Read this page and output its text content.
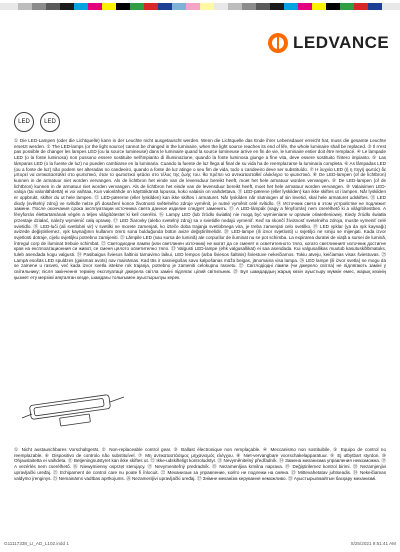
LEDVANCE
LED LED
① Die LED-Lampen (oder die Lichtquelle) kann in der Leuchte nicht ausgetauscht werden. Wenn die Lichtquelle das Ende ihrer Lebensdauer erreicht hat, muss die gesamte Leuchte ersetzt werden. ② The LED-lamps (or the light source) cannot be changed in the luminaire, when the light source reaches its end of life, the whole luminaire shall be replaced. ③ Il n'est pas possible de changer les lampes LED (ou la source lumineuse) dans le luminaire quand la source lumineuse arrive en fin de vie, le luminaire entier doit être remplacé. ④ Le lampade LED (o la fonte luminosa) non possono essere sostituite nell'impianto di illuminazione, quando la fonte luminosa giunge a fine vita, deve essere sostituito l'intero impianto. ⑤ Las lámparas LED (o la fuente de luz) no pueden cambiarse en la luminaria. Cuando la fuente de luz llega al final de su vida ha de reemplazarse la luminaria completa. ⑥ As lâmpadas LED (ou a fonte de luz) não podem ser alteradas no candeeiro, quando a fonte de luz atinge o seu fim de vida, todo o candeeiro deve ser substituído. ⑦ Η λυχνία LED (ή η πηγή φωτός) δε μπορεί να αντικατασταθεί στο φωτιστικό, όταν το φωτιστικό φτάσει στο τέλος της ζωής του. θα πρέπει να αντικατασταθεί ολόκληρο το φωτιστικό. ⑧ De LED-lampen (of de lichtbron) kunnen in de armatuur niet worden vervangen. Als de lichtbron het einde van de levensduur bereikt heeft, moet het hele armatuur worden vervangen. ⑨ De LED-lampen (of de lichtbron) kunnen in de armatuur niet worden vervangen. Als de lichtbron het einde van de levensduur bereikt heeft, moet het hele armatuur worden vervangen. ⑩ Valaisimen LED-valoja (tai valonlähdettä) ei voi vaihtaa. Kun valonlähde on käyttöikänsä lopussa, koko valaisin on vaihdettava. ⑪ LED-pærene (eller lyskilden) kan ikke skiftes ut i lampen. Når lyskilden er oppbrukt, skifter du ut hele lampen. ⑫ LED-pærerne (eller lyskilden) kan ikke skiftes i armaturet. Når lyskilden når slutningen af sin levetid, skal hele armaturet udskiftes. ⑬ LED diody (světelný zdroj) ve svítidle nelze při dosažení konce životnosti světelného zdroje vyměnit, je nutné vyměnit celé svítidlo. ⑭ Источник света в этом устройстве не подлежит замене. После окончания срока эксплуатации источника света данное изделие следует заменить. ⑮ A LED-lámpák (vagy a fényforrás) nem cserélhető ki a világítótestben. A fényforrás élettartamának végén a teljes világítótestet ki kell cserélni. ⑯ Lampy LED (lub źródło światła) nie mogą być wymieniane w oprawie oświetleniowej. Kiedy źródło światła przestaje działać, należy wymienić całą oprawę. ⑰ LED žiarovky (alebo svetelný zdroj) sa v svietidle nedajú vymeniť. Keď sa skončí životnosť svetelného zdroja, musíte vymeniť celé svietidlo. ⑱ LED-luči (ali svetlobni vir) v svetilki ne morete zamenjati, ko izteče doba trajanja svetlobnega vira, je treba zamenjati celo svetilko. ⑲ LED ışıklar (ya da ışık kaynağı) avizede değiştirilemez, ışık kaynağının kullanım ömrü sona bulduğunda bütün avize değiştirilmelidir. ⑳ LED-lampe (ili izvor svjetlosti) u svjetiljci ne smiju se mijenjati. Kada izvor svjetlosti dotraje, cijelu svjetiljku potrebno zamijeniti. ㉑ Lămpile LED (sau sursa de lumină) ale corpurilor de iluminat nu se pot schimba. La expirarea duratei de viață a sursei de lumină, întregul corp de iluminat trebuie schimbat. ㉒ Светодиодни лампи (или светлинен източник) не могат да се сменят в осветителното тяло, когато светлинният източник достигне края на експлоатационния си живот, се сменя цялото осветително тяло. ㉓ Valgusti LED-lampe (ehk valgusallikat) ei saa asendada. Kui valgusallikas muutub kasutuskõlbmatuks, tuleb asendada kogu valgusti. ㉔ Pasibaigus šviesos šaltinio tarnavimo laikui, LED lempos (arba šviesos šaltinis) šviestuve nekeičiamos. Tokiu atveju, keičiamas visas šviestuvas. ㉕ Lampā esošās LED spuldzes (gaismas avots) nav maināmas. Kad tās ir sasniegušas savu kalpošanas mūža beigas, jānomaina visa lampa. ㉖ LED lampe (ili izvor svetla) ne mogu da se zamene u rasveti, već kada izvor svetla istekne rok trajanja, potrebno je zameniti celokupnu rasvetu. ㉗ Світлодіодні лампи (чи джерело світла) не підлягають заміні у світильнику; після закінчення терміну експлуатації джерела світла заміні підлягає цілий світильник. ㉘ Бұл шамдардың жарық көзін ауыстыру мүмкін емес, жарық көзінің қызмет ету мерзімі аяқталған кезде, шамдағы толығымен ауыстырылуы керек.
① Nicht austauschbares Vorschaltgerät. ② Non-replaceable control gear. ③ Ballast électronique non remplaçable. ④ Meccanismo non sostituibile. ⑤ Equipo de control no reemplazable. ⑥ Dispositivo de controlo não substituível. ⑦ Μη αντικαταστάσιμος μηχανισμός ελέγχου. ⑧ Niet-vervangbare voorschakelapparatuur. ⑨ Ej utbytbart styrdon. ⑩ Ohjauslaitetta ei vaihdeta. ⑪ Betjeningsutstyret kan ikke skiftes ut. ⑫ Ikke-udskifteligt kontroludstyr. ⑬ Nevyměnitelný předřadník. ⑭ Замена механизма управления невозможна. ⑮ A vezérlés nem cserélhető. ⑯ Niewymienny osprzęt sterujący. ⑰ Nevymeniteľný predradník. ⑱ Nezamenljiva krmilna naprava. ⑲ Değiştirilemez kontrol birimi. ⑳ Nezamjenjivi upravljački uređaj. ㉑ Echipament de control care nu poate fi înlocuit. ㉒ Механизъм за управление, който не подлежи на смяна. ㉓ Mittevahetatav juhtseadis. ㉔ Nekeičiamas valdymo įrenginys. ㉕ Nemaināms vadības aprīkojums. ㉖ Nezamenljivi upravljački uređaj. ㉗ Знімне механізм керування неможливо. ㉘ Ауыстырылмайтын басқару механизмі.
G11117338_LI_AD_L102.indd 1	5/25/2021 9:51:41 AM
